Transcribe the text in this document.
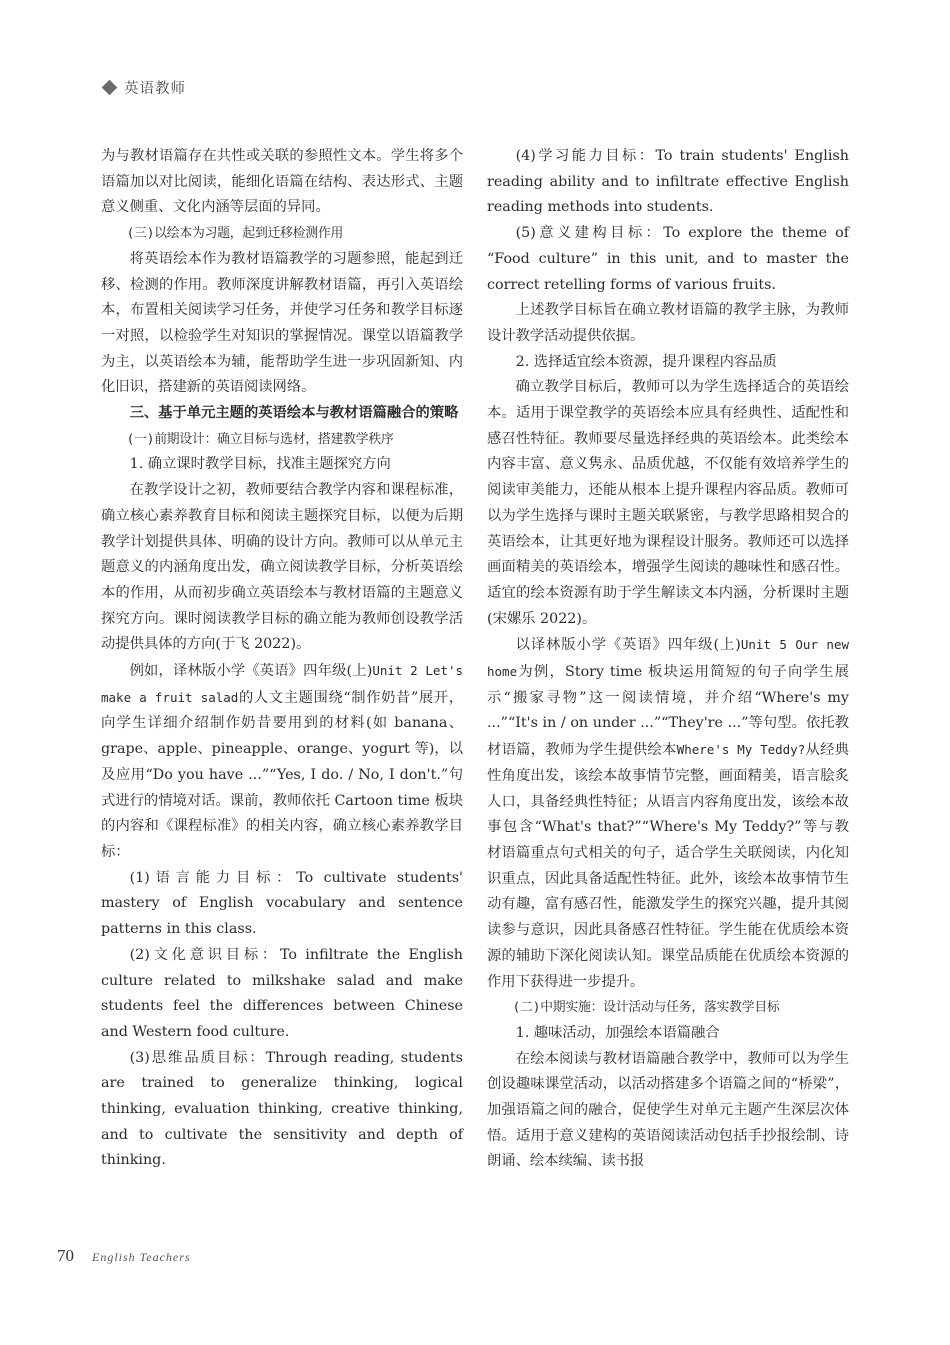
英语教师

为与教材语篇存在共性或关联的参照性文本。学生将多个语篇加以对比阅读，能细化语篇在结构、表达形式、主题意义侧重、文化内涵等层面的异同。

(三)以绘本为习题，起到迁移检测作用

将英语绘本作为教材语篇教学的习题参照，能起到迁移、检测的作用。教师深度讲解教材语篇，再引入英语绘本，布置相关阅读学习任务，并使学习任务和教学目标逐一对照，以检验学生对知识的掌握情况。课堂以语篇教学为主，以英语绘本为辅，能帮助学生进一步巩固新知、内化旧识，搭建新的英语阅读网络。

三、基于单元主题的英语绘本与教材语篇融合的策略

(一)前期设计：确立目标与选材，搭建教学秩序

1. 确立课时教学目标，找准主题探究方向

在教学设计之初，教师要结合教学内容和课程标准，确立核心素养教育目标和阅读主题探究目标，以便为后期教学计划提供具体、明确的设计方向。教师可以从单元主题意义的内涵角度出发，确立阅读教学目标，分析英语绘本的作用，从而初步确立英语绘本与教材语篇的主题意义探究方向。课时阅读教学目标的确立能为教师创设教学活动提供具体的方向(于飞 2022)。

例如，译林版小学《英语》四年级(上)Unit 2 Let's make a fruit salad的人文主题围绕“制作奶昔”展开，向学生详细介绍制作奶昔要用到的材料(如 banana、grape、apple、pineapple、orange、yogurt 等)，以及应用“Do you have ...”“Yes, I do. / No, I don't.”句式进行的情境对话。课前，教师依托 Cartoon time 板块的内容和《课程标准》的相关内容，确立核心素养教学目标：

(1)语言能力目标：To cultivate students' mastery of English vocabulary and sentence patterns in this class.

(2)文化意识目标：To infiltrate the English culture related to milkshake salad and make students feel the differences between Chinese and Western food culture.

(3)思维品质目标：Through reading, students are trained to generalize thinking, logical thinking, evaluation thinking, creative thinking, and to cultivate the sensitivity and depth of thinking.

(4)学习能力目标：To train students' English reading ability and to infiltrate effective English reading methods into students.

(5)意义建构目标：To explore the theme of “Food culture” in this unit, and to master the correct retelling forms of various fruits.

上述教学目标旨在确立教材语篇的教学主脉，为教师设计教学活动提供依据。

2. 选择适宜绘本资源，提升课程内容品质

确立教学目标后，教师可以为学生选择适合的英语绘本。适用于课堂教学的英语绘本应具有经典性、适配性和感召性特征。教师要尽量选择经典的英语绘本。此类绘本内容丰富、意义隽永、品质优越，不仅能有效培养学生的阅读审美能力，还能从根本上提升课程内容品质。教师可以为学生选择与课时主题关联紧密，与教学思路相契合的英语绘本，让其更好地为课程设计服务。教师还可以选择画面精美的英语绘本，增强学生阅读的趣味性和感召性。适宜的绘本资源有助于学生解读文本内涵，分析课时主题(宋嫘乐 2022)。

以译林版小学《英语》四年级(上)Unit 5 Our new home为例，Story time 板块运用简短的句子向学生展示“搬家寻物”这一阅读情境，并介绍“Where's my ...”“It's in / on under ...”“They're ...”等句型。依托教材语篇，教师为学生提供绘本Where's My Teddy?从经典性角度出发，该绘本故事情节完整，画面精美，语言脍炙人口，具备经典性特征；从语言内容角度出发，该绘本故事包含“What's that?”“Where's My Teddy?”等与教材语篇重点句式相关的句子，适合学生关联阅读，内化知识重点，因此具备适配性特征。此外，该绘本故事情节生动有趣，富有感召性，能激发学生的探究兴趣，提升其阅读参与意识，因此具备感召性特征。学生能在优质绘本资源的辅助下深化阅读认知。课堂品质能在优质绘本资源的作用下获得进一步提升。

(二)中期实施：设计活动与任务，落实教学目标

1. 趣味活动，加强绘本语篇融合

在绘本阅读与教材语篇融合教学中，教师可以为学生创设趣味课堂活动，以活动搭建多个语篇之间的“桥梁”，加强语篇之间的融合，促使学生对单元主题产生深层次体悟。适用于意义建构的英语阅读活动包括手抄报绘制、诗朗诵、绘本续编、读书报

70 English Teachers
